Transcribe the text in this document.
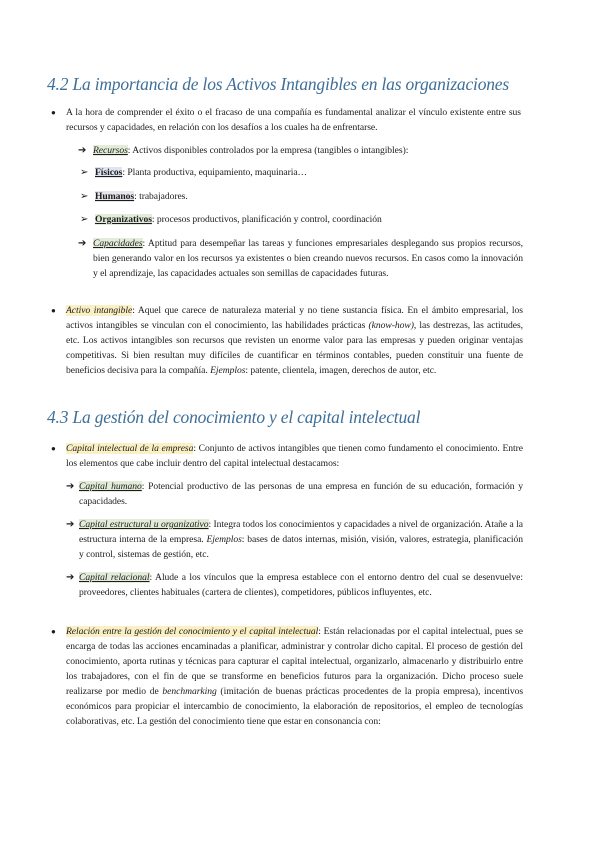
4.2 La importancia de los Activos Intangibles en las organizaciones
● A la hora de comprender el éxito o el fracaso de una compañía es fundamental analizar el vínculo existente entre sus recursos y capacidades, en relación con los desafíos a los cuales ha de enfrentarse.
➔ Recursos: Activos disponibles controlados por la empresa (tangibles o intangibles):
➢ Físicos: Planta productiva, equipamiento, maquinaria…
➢ Humanos: trabajadores.
➢ Organizativos: procesos productivos, planificación y control, coordinación
➔ Capacidades: Aptitud para desempeñar las tareas y funciones empresariales desplegando sus propios recursos, bien generando valor en los recursos ya existentes o bien creando nuevos recursos. En casos como la innovación y el aprendizaje, las capacidades actuales son semillas de capacidades futuras.
● Activo intangible: Aquel que carece de naturaleza material y no tiene sustancia física. En el ámbito empresarial, los activos intangibles se vinculan con el conocimiento, las habilidades prácticas (know-how), las destrezas, las actitudes, etc. Los activos intangibles son recursos que revisten un enorme valor para las empresas y pueden originar ventajas competitivas. Si bien resultan muy difíciles de cuantificar en términos contables, pueden constituir una fuente de beneficios decisiva para la compañía. Ejemplos: patente, clientela, imagen, derechos de autor, etc.
4.3 La gestión del conocimiento y el capital intelectual
● Capital intelectual de la empresa: Conjunto de activos intangibles que tienen como fundamento el conocimiento. Entre los elementos que cabe incluir dentro del capital intelectual destacamos:
➔ Capital humano: Potencial productivo de las personas de una empresa en función de su educación, formación y capacidades.
➔ Capital estructural u organizativo: Integra todos los conocimientos y capacidades a nivel de organización. Atañe a la estructura interna de la empresa. Ejemplos: bases de datos internas, misión, visión, valores, estrategia, planificación y control, sistemas de gestión, etc.
➔ Capital relacional: Alude a los vínculos que la empresa establece con el entorno dentro del cual se desenvuelve: proveedores, clientes habituales (cartera de clientes), competidores, públicos influyentes, etc.
● Relación entre la gestión del conocimiento y el capital intelectual: Están relacionadas por el capital intelectual, pues se encarga de todas las acciones encaminadas a planificar, administrar y controlar dicho capital. El proceso de gestión del conocimiento, aporta rutinas y técnicas para capturar el capital intelectual, organizarlo, almacenarlo y distribuirlo entre los trabajadores, con el fin de que se transforme en beneficios futuros para la organización. Dicho proceso suele realizarse por medio de benchmarking (imitación de buenas prácticas procedentes de la propia empresa), incentivos económicos para propiciar el intercambio de conocimiento, la elaboración de repositorios, el empleo de tecnologías colaborativas, etc. La gestión del conocimiento tiene que estar en consonancia con:
